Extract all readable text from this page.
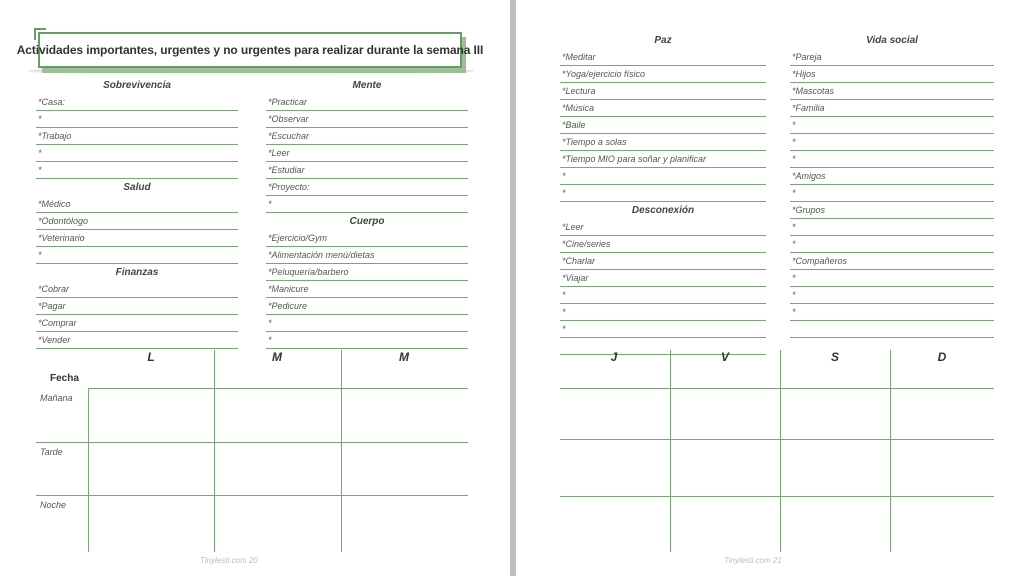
Actividades importantes, urgentes y no urgentes para realizar durante la semana III
Sobrevivencia
*Casa:
*
*Trabajo
*
*
Salud
*Médico
*Odontólogo
*Veterinario
*
Finanzas
*Cobrar
*Pagar
*Comprar
*Vender
Mente
*Practicar
*Observar
*Escuchar
*Leer
*Estudiar
*Proyecto:
*
Cuerpo
*Ejercicio/Gym
*Alimentación menú/dietas
*Peluquería/barbero
*Manicure
*Pedicure
*
*
L	M	M
Fecha
Mañana
Tarde
Noche
Tinylesti.com 20
Paz
*Meditar
*Yoga/ejercicio físico
*Lectura
*Música
*Baile
*Tiempo a solas
*Tiempo MIO para soñar y planificar
*
*
Desconexión
*Leer
*Cine/series
*Charlar
*Viajar
*
*
*
Vida social
*Pareja
*Hijos
*Mascotas
*Familia
*
*
*
*Amigos
*
*Grupos
*
*
*Compañeros
*
*
*
J	V	S	D
Tinylesti.com 21
